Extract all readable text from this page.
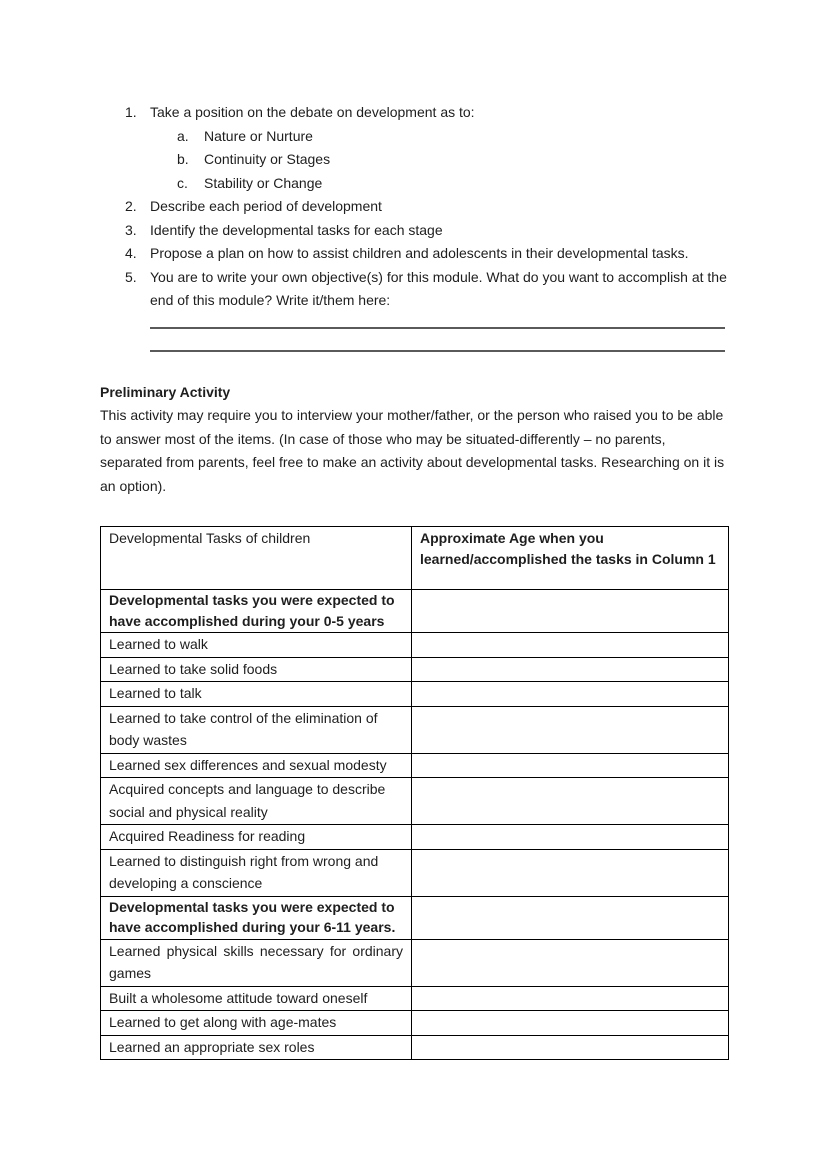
1. Take a position on the debate on development as to:
a.	Nature or Nurture
b.	Continuity or Stages
c.	Stability or Change
2. Describe each period of development
3. Identify the developmental tasks for each stage
4. Propose a plan on how to assist children and adolescents in their developmental tasks.
5. You are to write your own objective(s) for this module. What do you want to accomplish at the end of this module? Write it/them here:
Preliminary Activity
This activity may require you to interview your mother/father, or the person who raised you to be able to answer most of the items. (In case of those who may be situated-differently – no parents, separated from parents, feel free to make an activity about developmental tasks. Researching on it is an option).
Developmental Tasks of children	Approximate Age when you learned/accomplished the tasks in Column 1
Developmental tasks you were expected to have accomplished during your 0-5 years	
Learned to walk	
Learned to take solid foods	
Learned to talk	
Learned to take control of the elimination of body wastes	
Learned sex differences and sexual modesty	
Acquired concepts and language to describe social and physical reality	
Acquired Readiness for reading	
Learned to distinguish right from wrong and developing a conscience	
Developmental tasks you were expected to have accomplished during your 6-11 years.	
Learned physical skills necessary for ordinary games	
Built a wholesome attitude toward oneself	
Learned to get along with age-mates	
Learned an appropriate sex roles	
